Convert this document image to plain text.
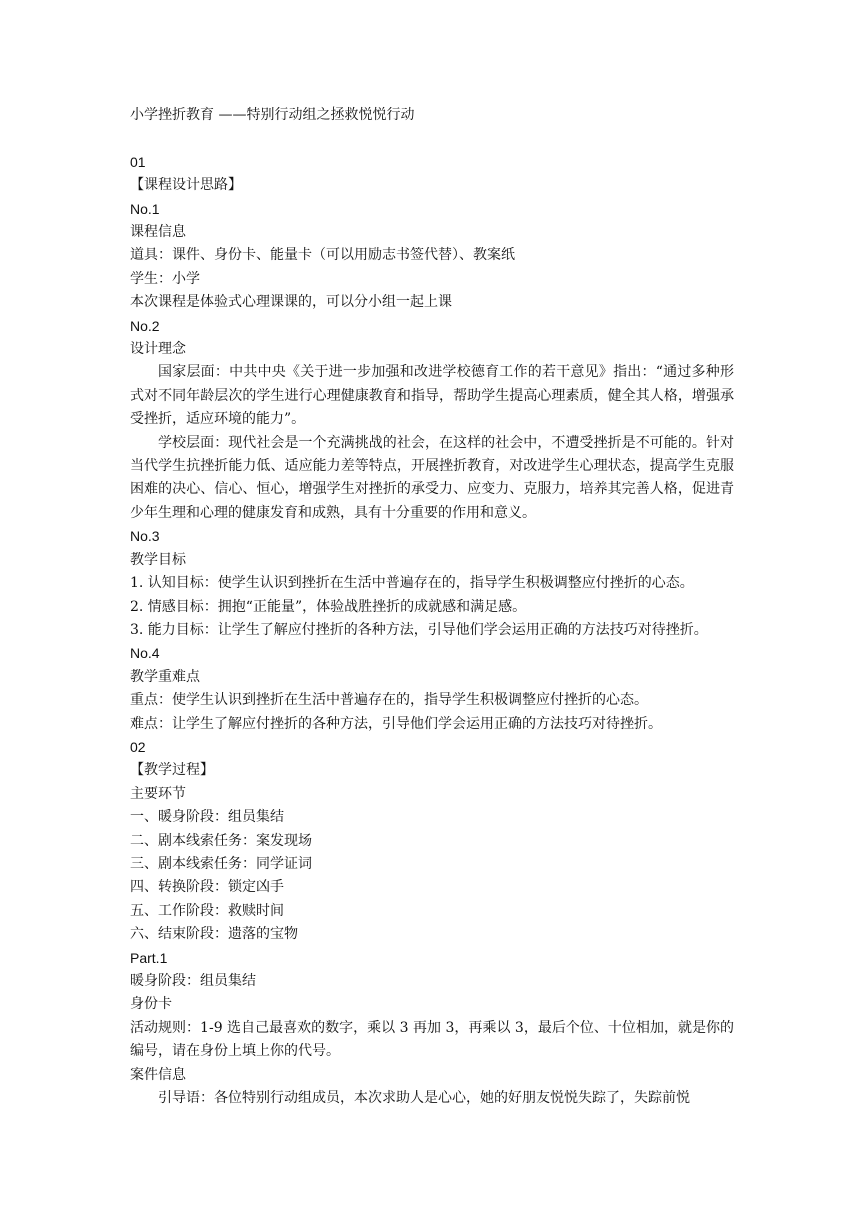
小学挫折教育 ——特别行动组之拯救悦悦行动

01

【课程设计思路】

No.1

课程信息

道具：课件、身份卡、能量卡（可以用励志书签代替）、教案纸

学生：小学

本次课程是体验式心理课课的，可以分小组一起上课

No.2

设计理念

国家层面：中共中央《关于进一步加强和改进学校德育工作的若干意见》指出：“通过多种形式对不同年龄层次的学生进行心理健康教育和指导，帮助学生提高心理素质，健全其人格，增强承受挫折，适应环境的能力”。

学校层面：现代社会是一个充满挑战的社会，在这样的社会中，不遭受挫折是不可能的。针对当代学生抗挫折能力低、适应能力差等特点，开展挫折教育，对改进学生心理状态，提高学生克服困难的决心、信心、恒心，增强学生对挫折的承受力、应变力、克服力，培养其完善人格，促进青少年生理和心理的健康发育和成熟，具有十分重要的作用和意义。

No.3

教学目标

1. 认知目标：使学生认识到挫折在生活中普遍存在的，指导学生积极调整应付挫折的心态。

2. 情感目标：拥抱“正能量”，体验战胜挫折的成就感和满足感。

3. 能力目标：让学生了解应付挫折的各种方法，引导他们学会运用正确的方法技巧对待挫折。

No.4

教学重难点

重点：使学生认识到挫折在生活中普遍存在的，指导学生积极调整应付挫折的心态。

难点：让学生了解应付挫折的各种方法，引导他们学会运用正确的方法技巧对待挫折。

02

【教学过程】

主要环节

一、暖身阶段：组员集结

二、剧本线索任务：案发现场

三、剧本线索任务：同学证词

四、转换阶段：锁定凶手

五、工作阶段：救赎时间

六、结束阶段：遗落的宝物

Part.1

暖身阶段：组员集结

身份卡

活动规则：1-9 选自己最喜欢的数字，乘以 3 再加 3，再乘以 3，最后个位、十位相加，就是你的编号，请在身份上填上你的代号。

案件信息

引导语：各位特别行动组成员，本次求助人是心心，她的好朋友悦悦失踪了，失踪前悦
